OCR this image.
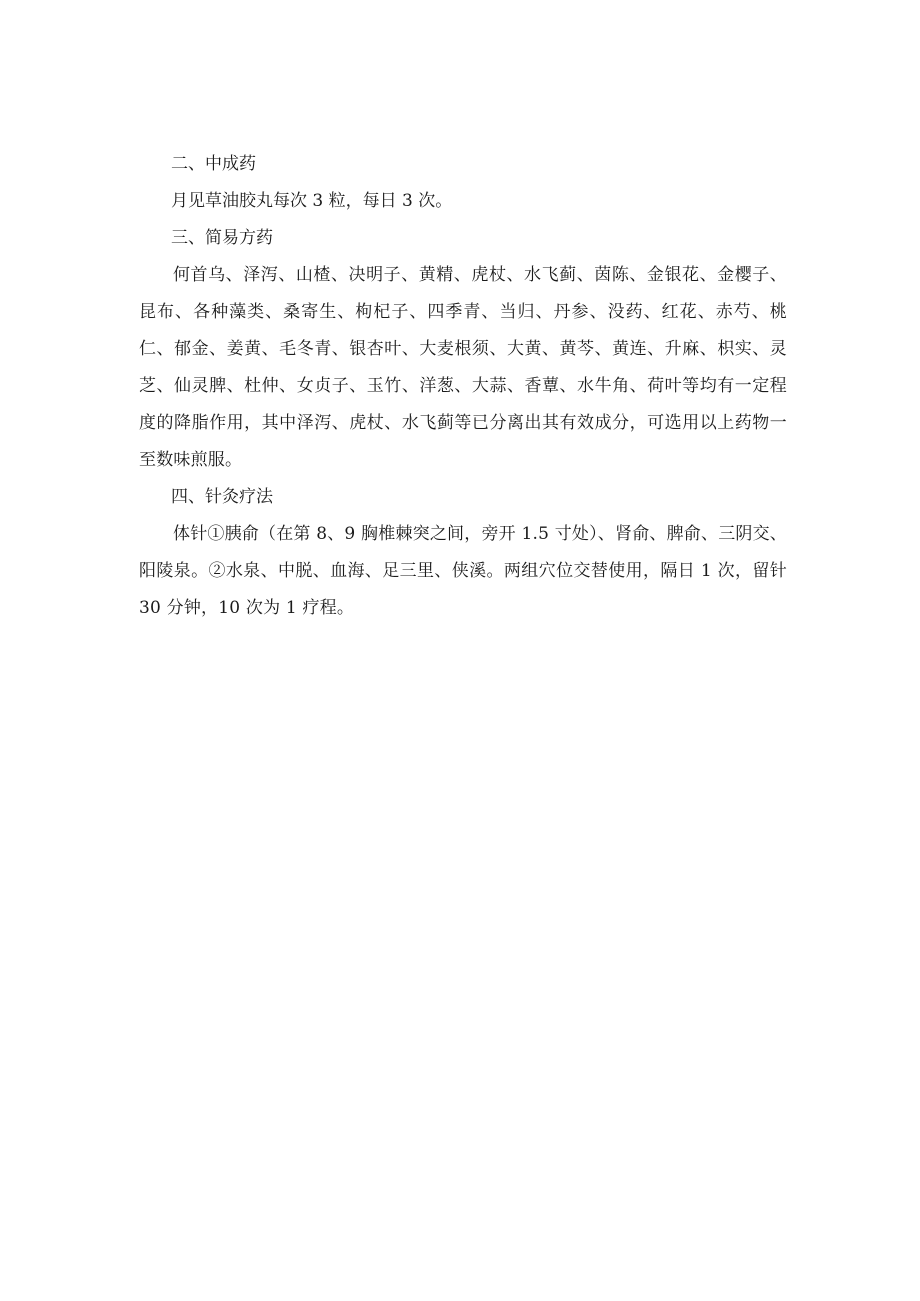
二、中成药

月见草油胶丸每次 3 粒，每日 3 次。

三、简易方药

何首乌、泽泻、山楂、决明子、黄精、虎杖、水飞蓟、茵陈、金银花、金樱子、昆布、各种藻类、桑寄生、枸杞子、四季青、当归、丹参、没药、红花、赤芍、桃仁、郁金、姜黄、毛冬青、银杏叶、大麦根须、大黄、黄芩、黄连、升麻、枳实、灵芝、仙灵脾、杜仲、女贞子、玉竹、洋葱、大蒜、香蕈、水牛角、荷叶等均有一定程度的降脂作用，其中泽泻、虎杖、水飞蓟等已分离出其有效成分，可选用以上药物一至数味煎服。

四、针灸疗法

体针①胰俞（在第 8、9 胸椎棘突之间，旁开 1.5 寸处）、肾俞、脾俞、三阴交、阳陵泉。②水泉、中脱、血海、足三里、侠溪。两组穴位交替使用，隔日 1 次，留针 30 分钟，10 次为 1 疗程。
